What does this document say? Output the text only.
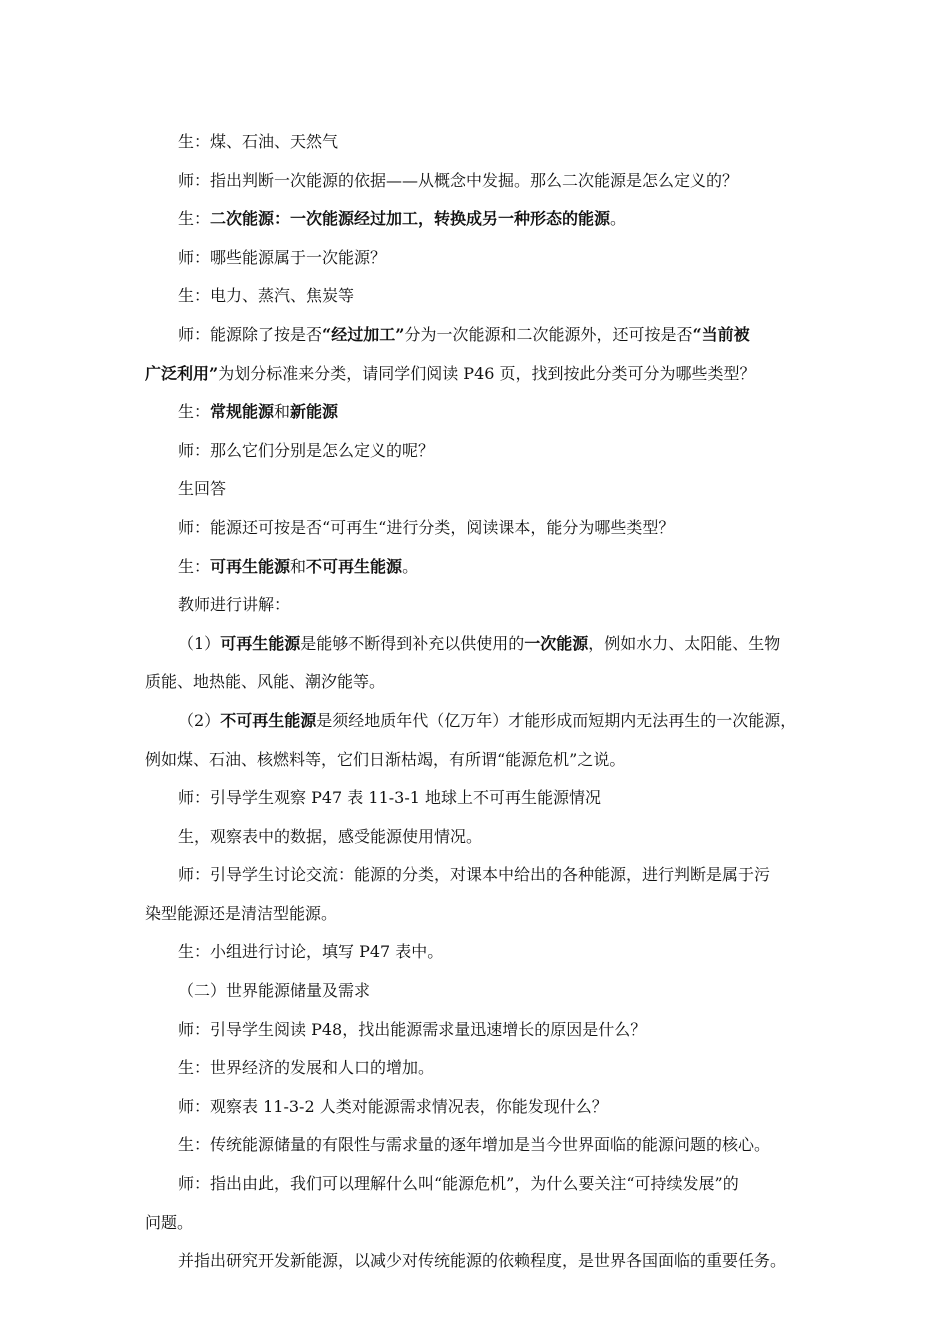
生：煤、石油、天然气

师：指出判断一次能源的依据——从概念中发掘。那么二次能源是怎么定义的？

生：二次能源：一次能源经过加工，转换成另一种形态的能源。

师：哪些能源属于一次能源？

生：电力、蒸汽、焦炭等

师：能源除了按是否“经过加工”分为一次能源和二次能源外，还可按是否“当前被

广泛利用”为划分标准来分类，请同学们阅读 P46 页，找到按此分类可分为哪些类型？

生：常规能源和新能源

师：那么它们分别是怎么定义的呢？

生回答

师：能源还可按是否“可再生“进行分类，阅读课本，能分为哪些类型？

生：可再生能源和不可再生能源。

教师进行讲解：

（1）可再生能源是能够不断得到补充以供使用的一次能源，例如水力、太阳能、生物

质能、地热能、风能、潮汐能等。

（2）不可再生能源是须经地质年代（亿万年）才能形成而短期内无法再生的一次能源，

例如煤、石油、核燃料等，它们日渐枯竭，有所谓“能源危机”之说。

师：引导学生观察 P47 表 11-3-1 地球上不可再生能源情况

生，观察表中的数据，感受能源使用情况。

师：引导学生讨论交流：能源的分类，对课本中给出的各种能源，进行判断是属于污

染型能源还是清洁型能源。

生：小组进行讨论，填写 P47 表中。

（二）世界能源储量及需求

师：引导学生阅读 P48，找出能源需求量迅速增长的原因是什么？

生：世界经济的发展和人口的增加。

师：观察表 11-3-2 人类对能源需求情况表，你能发现什么？

生：传统能源储量的有限性与需求量的逐年增加是当今世界面临的能源问题的核心。

师：指出由此，我们可以理解什么叫“能源危机”，为什么要关注“可持续发展”的

问题。

并指出研究开发新能源，以减少对传统能源的依赖程度，是世界各国面临的重要任务。
